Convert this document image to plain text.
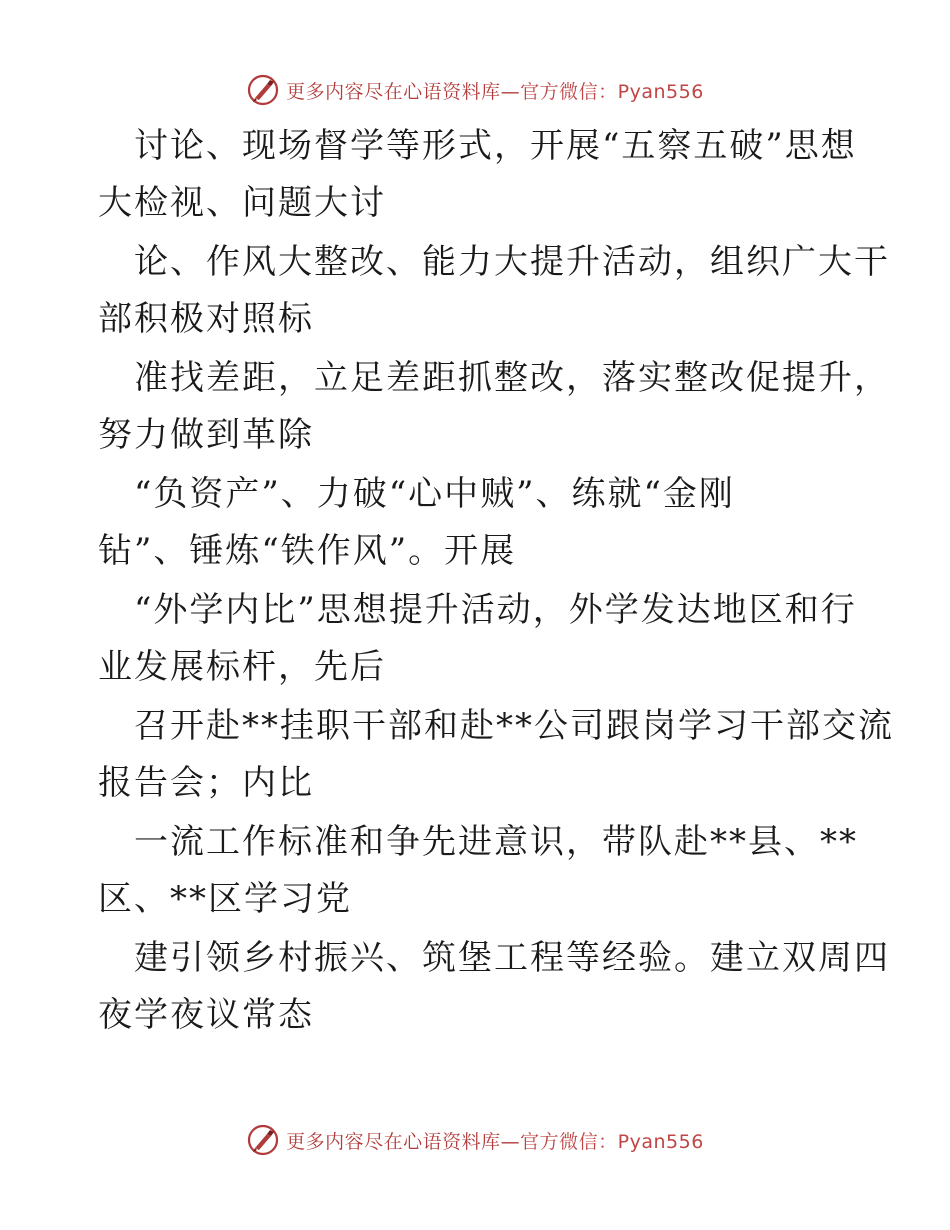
更多内容尽在心语资料库—官方微信：Pyan556

讨论、现场督学等形式，开展“五察五破”思想
大检视、问题大讨

论、作风大整改、能力大提升活动，组织广大干
部积极对照标

准找差距，立足差距抓整改，落实整改促提升，
努力做到革除

“负资产”、力破“心中贼”、练就“金刚
钻”、锤炼“铁作风”。开展

“外学内比”思想提升活动，外学发达地区和行
业发展标杆，先后

召开赴**挂职干部和赴**公司跟岗学习干部交流
报告会；内比

一流工作标准和争先进意识，带队赴**县、**
区、**区学习党

建引领乡村振兴、筑堡工程等经验。建立双周四
夜学夜议常态

更多内容尽在心语资料库—官方微信：Pyan556
